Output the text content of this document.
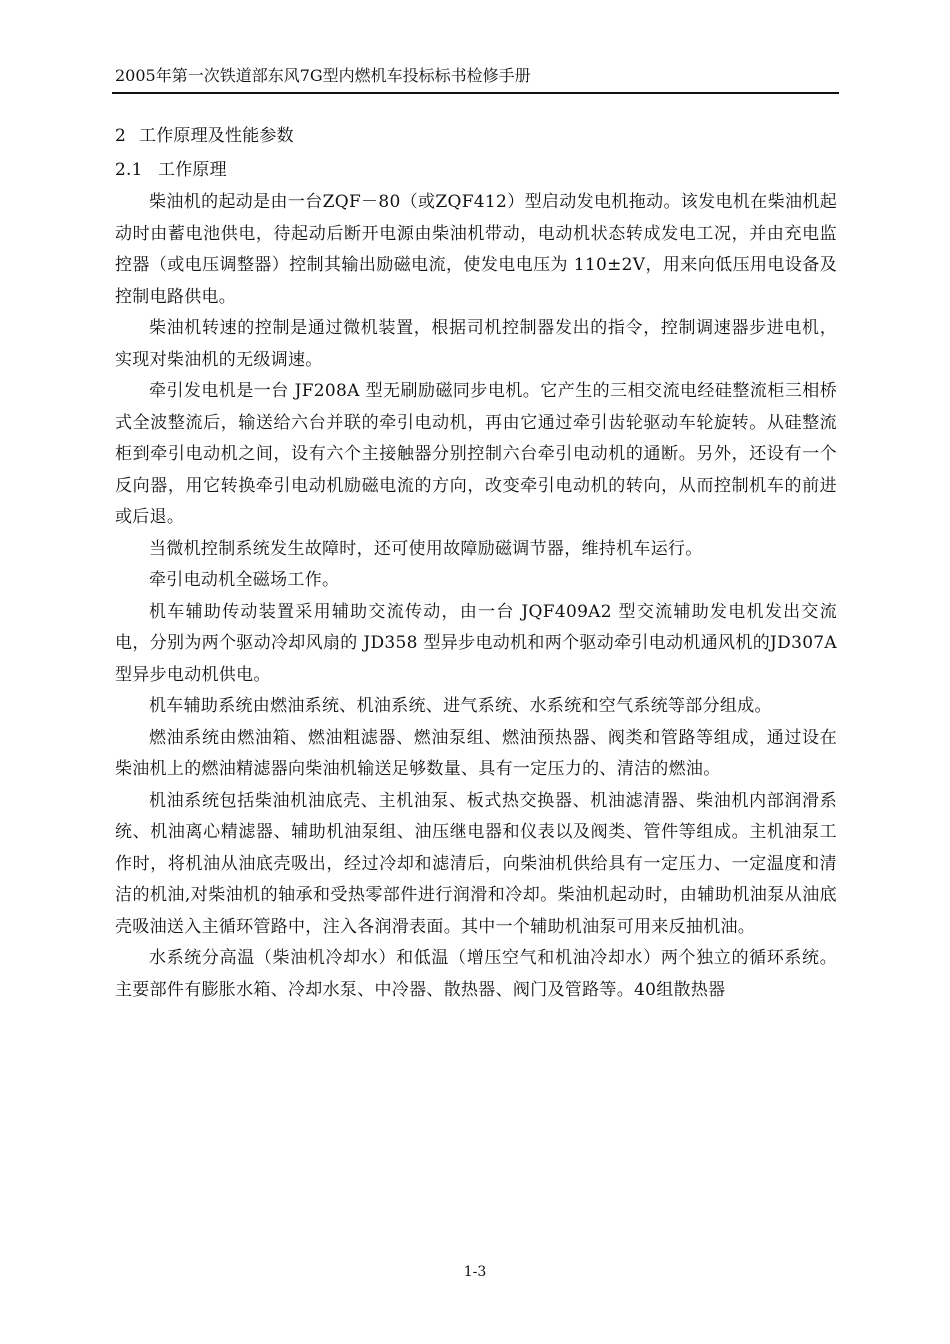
2005年第一次铁道部东风7G型内燃机车投标标书检修手册

2 工作原理及性能参数

2.1 工作原理

柴油机的起动是由一台ZQF－80（或ZQF412）型启动发电机拖动。该发电机在柴油机起动时由蓄电池供电，待起动后断开电源由柴油机带动，电动机状态转成发电工况，并由充电监控器（或电压调整器）控制其输出励磁电流，使发电电压为 110±2V，用来向低压用电设备及控制电路供电。

柴油机转速的控制是通过微机装置，根据司机控制器发出的指令，控制调速器步进电机，实现对柴油机的无级调速。

牵引发电机是一台 JF208A 型无刷励磁同步电机。它产生的三相交流电经硅整流柜三相桥式全波整流后，输送给六台并联的牵引电动机，再由它通过牵引齿轮驱动车轮旋转。从硅整流柜到牵引电动机之间，设有六个主接触器分别控制六台牵引电动机的通断。另外，还设有一个反向器，用它转换牵引电动机励磁电流的方向，改变牵引电动机的转向，从而控制机车的前进或后退。

当微机控制系统发生故障时，还可使用故障励磁调节器，维持机车运行。

牵引电动机全磁场工作。

机车辅助传动装置采用辅助交流传动，由一台 JQF409A2 型交流辅助发电机发出交流电，分别为两个驱动冷却风扇的 JD358 型异步电动机和两个驱动牵引电动机通风机的JD307A 型异步电动机供电。

机车辅助系统由燃油系统、机油系统、进气系统、水系统和空气系统等部分组成。

燃油系统由燃油箱、燃油粗滤器、燃油泵组、燃油预热器、阀类和管路等组成，通过设在柴油机上的燃油精滤器向柴油机输送足够数量、具有一定压力的、清洁的燃油。

机油系统包括柴油机油底壳、主机油泵、板式热交换器、机油滤清器、柴油机内部润滑系统、机油离心精滤器、辅助机油泵组、油压继电器和仪表以及阀类、管件等组成。主机油泵工作时，将机油从油底壳吸出，经过冷却和滤清后，向柴油机供给具有一定压力、一定温度和清洁的机油,对柴油机的轴承和受热零部件进行润滑和冷却。柴油机起动时，由辅助机油泵从油底壳吸油送入主循环管路中，注入各润滑表面。其中一个辅助机油泵可用来反抽机油。

水系统分高温（柴油机冷却水）和低温（增压空气和机油冷却水）两个独立的循环系统。主要部件有膨胀水箱、冷却水泵、中冷器、散热器、阀门及管路等。40组散热器

1-3
